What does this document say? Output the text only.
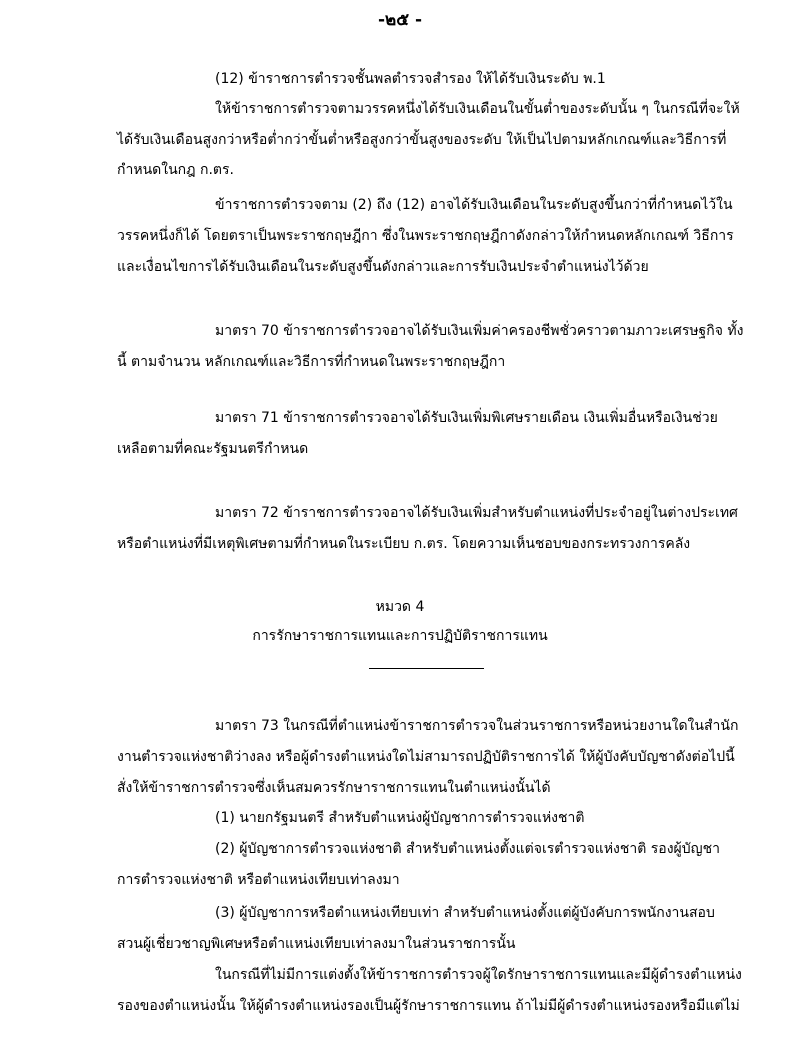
-๒๕ -

(12) ข้าราชการตำรวจชั้นพลตำรวจสำรอง ให้ได้รับเงินระดับ พ.1

ให้ข้าราชการตำรวจตามวรรคหนึ่งได้รับเงินเดือนในขั้นต่ำของระดับนั้น ๆ ในกรณีที่จะให้

ได้รับเงินเดือนสูงกว่าหรือต่ำกว่าขั้นต่ำหรือสูงกว่าขั้นสูงของระดับ ให้เป็นไปตามหลักเกณฑ์และวิธีการที่

กำหนดในกฎ ก.ตร.

ข้าราชการตำรวจตาม (2) ถึง (12) อาจได้รับเงินเดือนในระดับสูงขึ้นกว่าที่กำหนดไว้ใน

วรรคหนึ่งก็ได้ โดยตราเป็นพระราชกฤษฎีกา ซึ่งในพระราชกฤษฎีกาดังกล่าวให้กำหนดหลักเกณฑ์ วิธีการ

และเงื่อนไขการได้รับเงินเดือนในระดับสูงขึ้นดังกล่าวและการรับเงินประจำตำแหน่งไว้ด้วย

มาตรา 70 ข้าราชการตำรวจอาจได้รับเงินเพิ่มค่าครองชีพชั่วคราวตามภาวะเศรษฐกิจ ทั้ง

นี้ ตามจำนวน หลักเกณฑ์และวิธีการที่กำหนดในพระราชกฤษฎีกา

มาตรา 71 ข้าราชการตำรวจอาจได้รับเงินเพิ่มพิเศษรายเดือน เงินเพิ่มอื่นหรือเงินช่วย

เหลือตามที่คณะรัฐมนตรีกำหนด

มาตรา 72 ข้าราชการตำรวจอาจได้รับเงินเพิ่มสำหรับตำแหน่งที่ประจำอยู่ในต่างประเทศ

หรือตำแหน่งที่มีเหตุพิเศษตามที่กำหนดในระเบียบ ก.ตร. โดยความเห็นชอบของกระทรวงการคลัง

หมวด 4

การรักษาราชการแทนและการปฏิบัติราชการแทน

มาตรา 73 ในกรณีที่ตำแหน่งข้าราชการตำรวจในส่วนราชการหรือหน่วยงานใดในสำนัก

งานตำรวจแห่งชาติว่างลง หรือผู้ดำรงตำแหน่งใดไม่สามารถปฏิบัติราชการได้ ให้ผู้บังคับบัญชาดังต่อไปนี้

สั่งให้ข้าราชการตำรวจซึ่งเห็นสมควรรักษาราชการแทนในตำแหน่งนั้นได้

(1) นายกรัฐมนตรี สำหรับตำแหน่งผู้บัญชาการตำรวจแห่งชาติ

(2) ผู้บัญชาการตำรวจแห่งชาติ สำหรับตำแหน่งตั้งแต่จเรตำรวจแห่งชาติ รองผู้บัญชา

การตำรวจแห่งชาติ หรือตำแหน่งเทียบเท่าลงมา

(3) ผู้บัญชาการหรือตำแหน่งเทียบเท่า สำหรับตำแหน่งตั้งแต่ผู้บังคับการพนักงานสอบ

สวนผู้เชี่ยวชาญพิเศษหรือตำแหน่งเทียบเท่าลงมาในส่วนราชการนั้น

ในกรณีที่ไม่มีการแต่งตั้งให้ข้าราชการตำรวจผู้ใดรักษาราชการแทนและมีผู้ดำรงตำแหน่ง

รองของตำแหน่งนั้น ให้ผู้ดำรงตำแหน่งรองเป็นผู้รักษาราชการแทน ถ้าไม่มีผู้ดำรงตำแหน่งรองหรือมีแต่ไม่
